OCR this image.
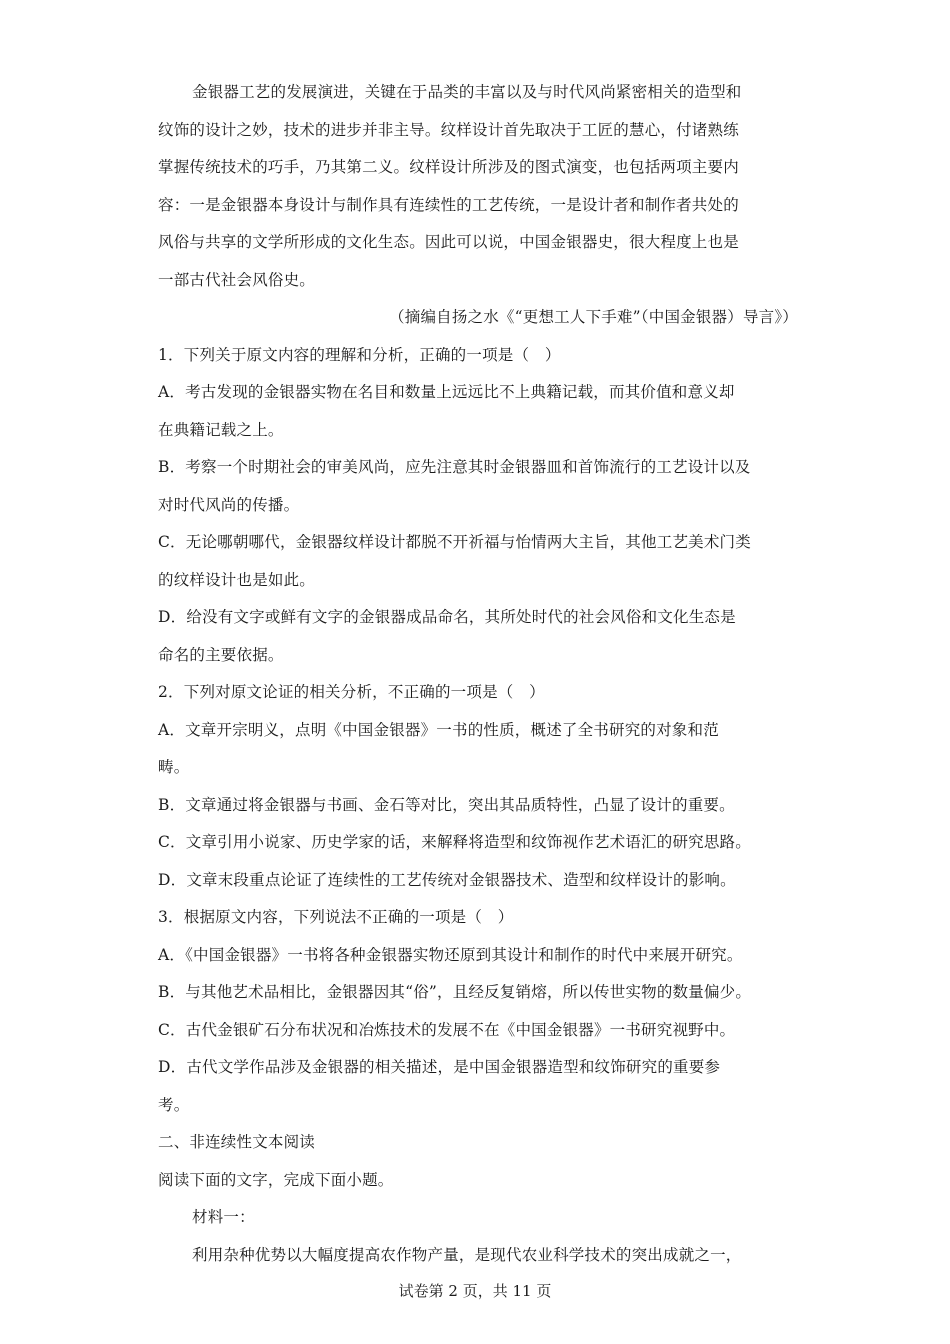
金银器工艺的发展演进，关键在于品类的丰富以及与时代风尚紧密相关的造型和
纹饰的设计之妙，技术的进步并非主导。纹样设计首先取决于工匠的慧心，付诸熟练
掌握传统技术的巧手，乃其第二义。纹样设计所涉及的图式演变，也包括两项主要内
容：一是金银器本身设计与制作具有连续性的工艺传统，一是设计者和制作者共处的
风俗与共享的文学所形成的文化生态。因此可以说，中国金银器史，很大程度上也是
一部古代社会风俗史。
（摘编自扬之水《“更想工人下手难”（中国金银器）导言》）
1．下列关于原文内容的理解和分析，正确的一项是（　）
A．考古发现的金银器实物在名目和数量上远远比不上典籍记载，而其价值和意义却
在典籍记载之上。
B．考察一个时期社会的审美风尚，应先注意其时金银器皿和首饰流行的工艺设计以及
对时代风尚的传播。
C．无论哪朝哪代，金银器纹样设计都脱不开祈福与怡情两大主旨，其他工艺美术门类
的纹样设计也是如此。
D．给没有文字或鲜有文字的金银器成品命名，其所处时代的社会风俗和文化生态是
命名的主要依据。
2．下列对原文论证的相关分析，不正确的一项是（　）
A．文章开宗明义，点明《中国金银器》一书的性质，概述了全书研究的对象和范
畴。
B．文章通过将金银器与书画、金石等对比，突出其品质特性，凸显了设计的重要。
C．文章引用小说家、历史学家的话，来解释将造型和纹饰视作艺术语汇的研究思路。
D．文章末段重点论证了连续性的工艺传统对金银器技术、造型和纹样设计的影响。
3．根据原文内容，下列说法不正确的一项是（　）
A．《中国金银器》一书将各种金银器实物还原到其设计和制作的时代中来展开研究。
B．与其他艺术品相比，金银器因其“俗”，且经反复销熔，所以传世实物的数量偏少。
C．古代金银矿石分布状况和冶炼技术的发展不在《中国金银器》一书研究视野中。
D．古代文学作品涉及金银器的相关描述，是中国金银器造型和纹饰研究的重要参
考。
二、非连续性文本阅读
阅读下面的文字，完成下面小题。
材料一：
利用杂种优势以大幅度提高农作物产量，是现代农业科学技术的突出成就之一，
试卷第 2 页，共 11 页
